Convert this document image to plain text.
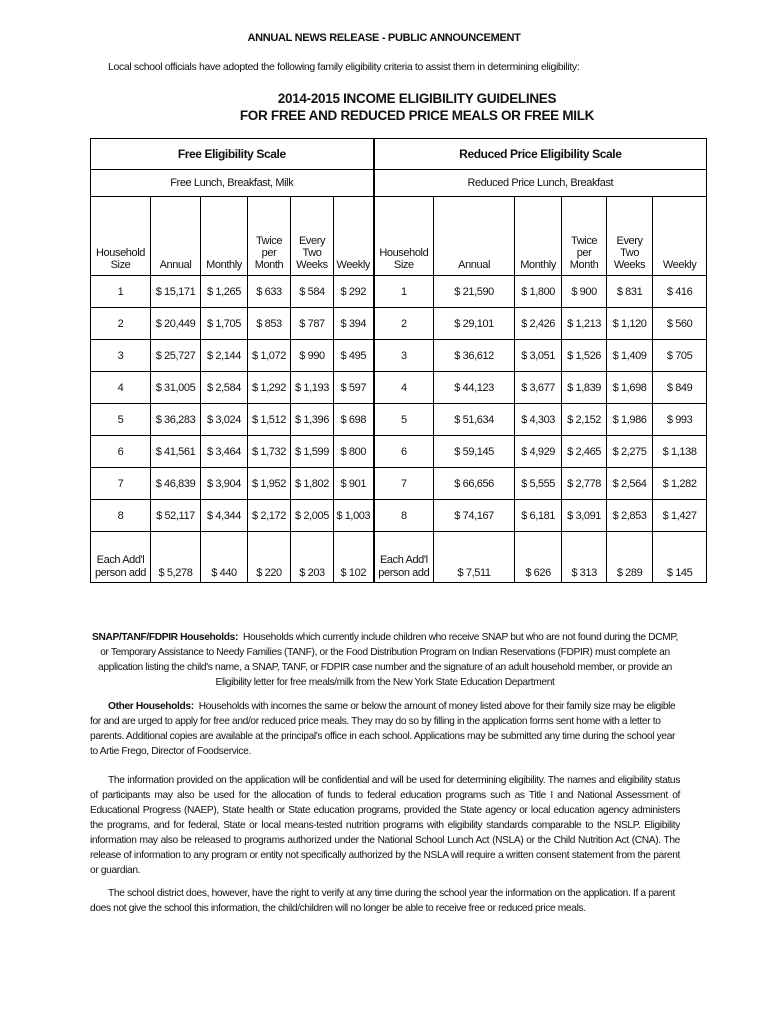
ANNUAL NEWS RELEASE - PUBLIC ANNOUNCEMENT
Local school officials have adopted the following family eligibility criteria to assist them in determining eligibility:
2014-2015 INCOME ELIGIBILITY GUIDELINES
FOR FREE AND REDUCED PRICE MEALS OR FREE MILK
Free Eligibility Scale						Reduced Price Eligibility Scale					
Free Lunch, Breakfast, Milk						Reduced Price Lunch, Breakfast					
Household Size	Annual	Monthly	Twice per Month	Every Two Weeks	Weekly	Household Size	Annual	Monthly	Twice per Month	Every Two Weeks	Weekly
1	$ 15,171	$ 1,265	$ 633	$ 584	$ 292	1	$ 21,590	$ 1,800	$ 900	$ 831	$ 416
2	$ 20,449	$ 1,705	$ 853	$ 787	$ 394	2	$ 29,101	$ 2,426	$ 1,213	$ 1,120	$ 560
3	$ 25,727	$ 2,144	$ 1,072	$ 990	$ 495	3	$ 36,612	$ 3,051	$ 1,526	$ 1,409	$ 705
4	$ 31,005	$ 2,584	$ 1,292	$ 1,193	$ 597	4	$ 44,123	$ 3,677	$ 1,839	$ 1,698	$ 849
5	$ 36,283	$ 3,024	$ 1,512	$ 1,396	$ 698	5	$ 51,634	$ 4,303	$ 2,152	$ 1,986	$ 993
6	$ 41,561	$ 3,464	$ 1,732	$ 1,599	$ 800	6	$ 59,145	$ 4,929	$ 2,465	$ 2,275	$ 1,138
7	$ 46,839	$ 3,904	$ 1,952	$ 1,802	$ 901	7	$ 66,656	$ 5,555	$ 2,778	$ 2,564	$ 1,282
8	$ 52,117	$ 4,344	$ 2,172	$ 2,005	$ 1,003	8	$ 74,167	$ 6,181	$ 3,091	$ 2,853	$ 1,427
Each Add'l person add	$ 5,278	$ 440	$ 220	$ 203	$ 102	Each Add'l person add	$ 7,511	$ 626	$ 313	$ 289	$ 145
SNAP/TANF/FDPIR Households: Households which currently include children who receive SNAP but who are not found during the DCMP, or Temporary Assistance to Needy Families (TANF), or the Food Distribution Program on Indian Reservations (FDPIR) must complete an application listing the child's name, a SNAP, TANF, or FDPIR case number and the signature of an adult household member, or provide an Eligibility letter for free meals/milk from the New York State Education Department
Other Households: Households with incomes the same or below the amount of money listed above for their family size may be eligible for and are urged to apply for free and/or reduced price meals. They may do so by filling in the application forms sent home with a letter to parents. Additional copies are available at the principal's office in each school. Applications may be submitted any time during the school year to Artie Frego, Director of Foodservice.
The information provided on the application will be confidential and will be used for determining eligibility. The names and eligibility status of participants may also be used for the allocation of funds to federal education programs such as Title I and National Assessment of Educational Progress (NAEP), State health or State education programs, provided the State agency or local education agency administers the programs, and for federal, State or local means-tested nutrition programs with eligibility standards comparable to the NSLP. Eligibility information may also be released to programs authorized under the National School Lunch Act (NSLA) or the Child Nutrition Act (CNA). The release of information to any program or entity not specifically authorized by the NSLA will require a written consent statement from the parent or guardian.
The school district does, however, have the right to verify at any time during the school year the information on the application. If a parent does not give the school this information, the child/children will no longer be able to receive free or reduced price meals.
